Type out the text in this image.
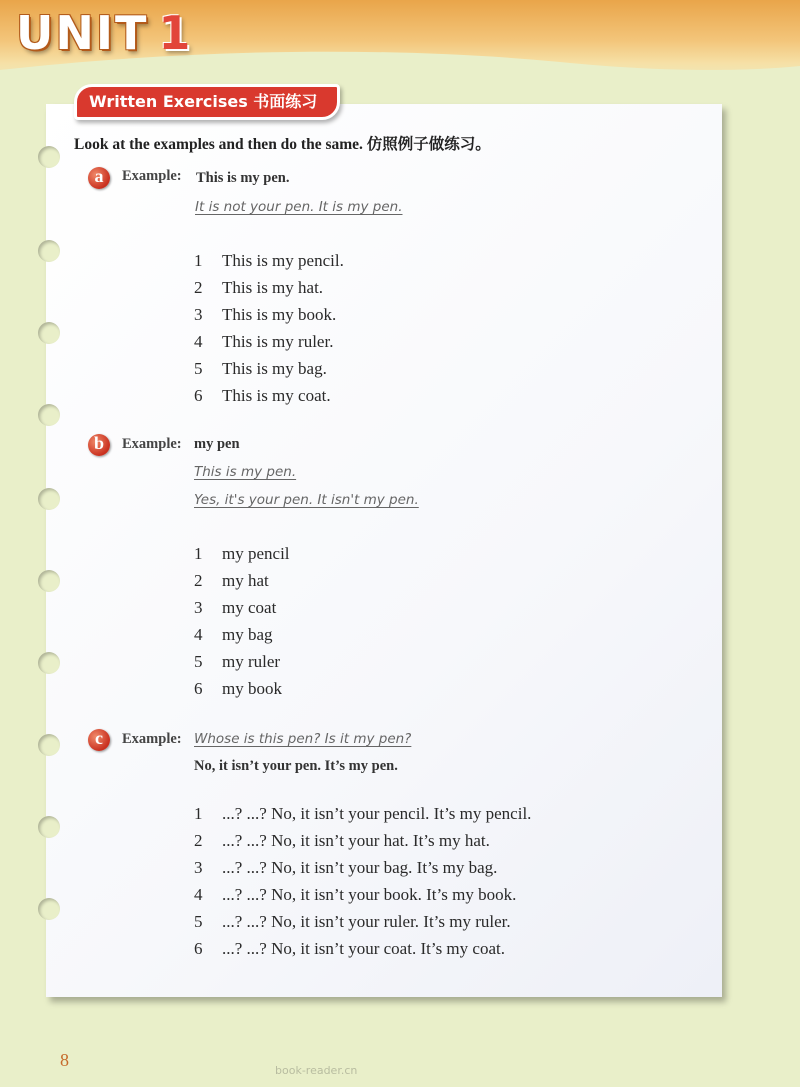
UNIT 1
Written Exercises 书面练习
Look at the examples and then do the same. 仿照例子做练习。
a	Example: This is my pen.
It is not your pen. It is my pen.
1 This is my pencil.
2 This is my hat.
3 This is my book.
4 This is my ruler.
5 This is my bag.
6 This is my coat.
b	Example: my pen
This is my pen.
Yes, it's your pen. It isn't my pen.
1 my pencil
2 my hat
3 my coat
4 my bag
5 my ruler
6 my book
c	Example: Whose is this pen? Is it my pen?
No, it isn’t your pen. It’s my pen.
1 ...? ...? No, it isn’t your pencil. It’s my pencil.
2 ...? ...? No, it isn’t your hat. It’s my hat.
3 ...? ...? No, it isn’t your bag. It’s my bag.
4 ...? ...? No, it isn’t your book. It’s my book.
5 ...? ...? No, it isn’t your ruler. It’s my ruler.
6 ...? ...? No, it isn’t your coat. It’s my coat.
8
book-reader.cn
